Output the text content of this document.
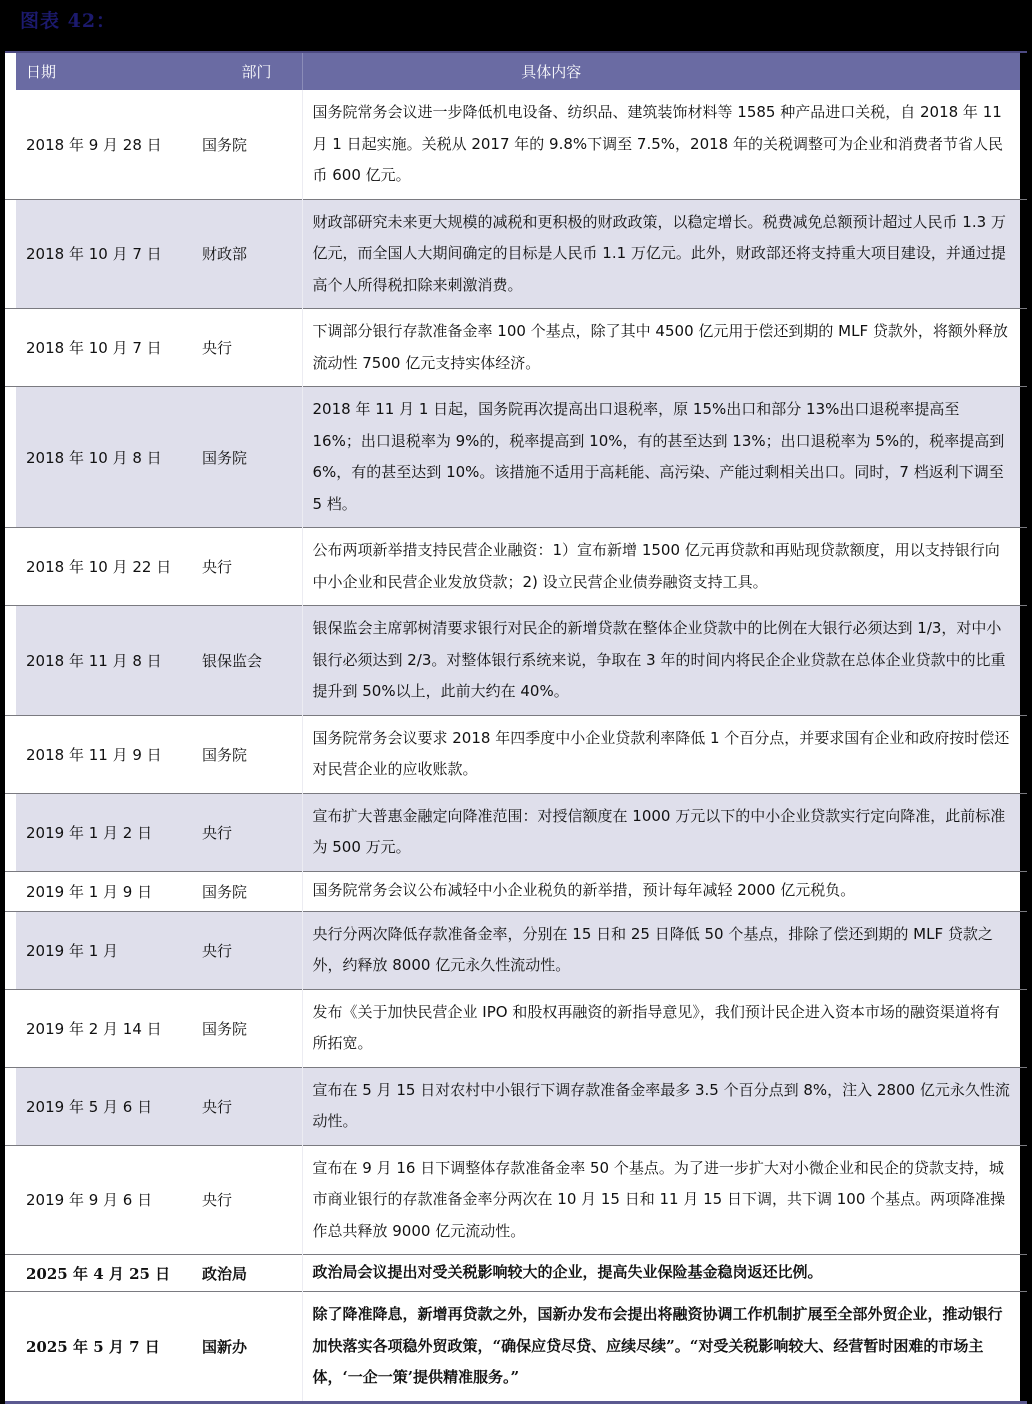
图表 42：
	日期	部门	具体内容	
	2018 年 9 月 28 日	国务院	国务院常务会议进一步降低机电设备、纺织品、建筑装饰材料等 1585 种产品进口关税，自 2018 年 11 月 1 日起实施。关税从 2017 年的 9.8%下调至 7.5%，2018 年的关税调整可为企业和消费者节省人民币 600 亿元。	
	2018 年 10 月 7 日	财政部	财政部研究未来更大规模的减税和更积极的财政政策，以稳定增长。税费减免总额预计超过人民币 1.3 万亿元，而全国人大期间确定的目标是人民币 1.1 万亿元。此外，财政部还将支持重大项目建设，并通过提高个人所得税扣除来刺激消费。	
	2018 年 10 月 7 日	央行	下调部分银行存款准备金率 100 个基点，除了其中 4500 亿元用于偿还到期的 MLF 贷款外，将额外释放流动性 7500 亿元支持实体经济。	
	2018 年 10 月 8 日	国务院	2018 年 11 月 1 日起，国务院再次提高出口退税率，原 15%出口和部分 13%出口退税率提高至 16%；出口退税率为 9%的，税率提高到 10%，有的甚至达到 13%；出口退税率为 5%的，税率提高到 6%，有的甚至达到 10%。该措施不适用于高耗能、高污染、产能过剩相关出口。同时，7 档返利下调至 5 档。	
	2018 年 10 月 22 日	央行	公布两项新举措支持民营企业融资：1）宣布新增 1500 亿元再贷款和再贴现贷款额度，用以支持银行向中小企业和民营企业发放贷款；2) 设立民营企业债券融资支持工具。	
	2018 年 11 月 8 日	银保监会	银保监会主席郭树清要求银行对民企的新增贷款在整体企业贷款中的比例在大银行必须达到 1/3，对中小银行必须达到 2/3。对整体银行系统来说，争取在 3 年的时间内将民企企业贷款在总体企业贷款中的比重提升到 50%以上，此前大约在 40%。	
	2018 年 11 月 9 日	国务院	国务院常务会议要求 2018 年四季度中小企业贷款利率降低 1 个百分点，并要求国有企业和政府按时偿还对民营企业的应收账款。	
	2019 年 1 月 2 日	央行	宣布扩大普惠金融定向降准范围：对授信额度在 1000 万元以下的中小企业贷款实行定向降准，此前标准为 500 万元。	
	2019 年 1 月 9 日	国务院	国务院常务会议公布减轻中小企业税负的新举措，预计每年减轻 2000 亿元税负。	
	2019 年 1 月	央行	央行分两次降低存款准备金率，分别在 15 日和 25 日降低 50 个基点，排除了偿还到期的 MLF 贷款之外，约释放 8000 亿元永久性流动性。	
	2019 年 2 月 14 日	国务院	发布《关于加快民营企业 IPO 和股权再融资的新指导意见》，我们预计民企进入资本市场的融资渠道将有所拓宽。	
	2019 年 5 月 6 日	央行	宣布在 5 月 15 日对农村中小银行下调存款准备金率最多 3.5 个百分点到 8%，注入 2800 亿元永久性流动性。	
	2019 年 9 月 6 日	央行	宣布在 9 月 16 日下调整体存款准备金率 50 个基点。为了进一步扩大对小微企业和民企的贷款支持，城市商业银行的存款准备金率分两次在 10 月 15 日和 11 月 15 日下调，共下调 100 个基点。两项降准操作总共释放 9000 亿元流动性。	
	2025 年 4 月 25 日	政治局	政治局会议提出对受关税影响较大的企业，提高失业保险基金稳岗返还比例。	
	2025 年 5 月 7 日	国新办	除了降准降息，新增再贷款之外，国新办发布会提出将融资协调工作机制扩展至全部外贸企业，推动银行加快落实各项稳外贸政策，“确保应贷尽贷、应续尽续”。“对受关税影响较大、经营暂时困难的市场主体，‘一企一策’提供精准服务。”	
